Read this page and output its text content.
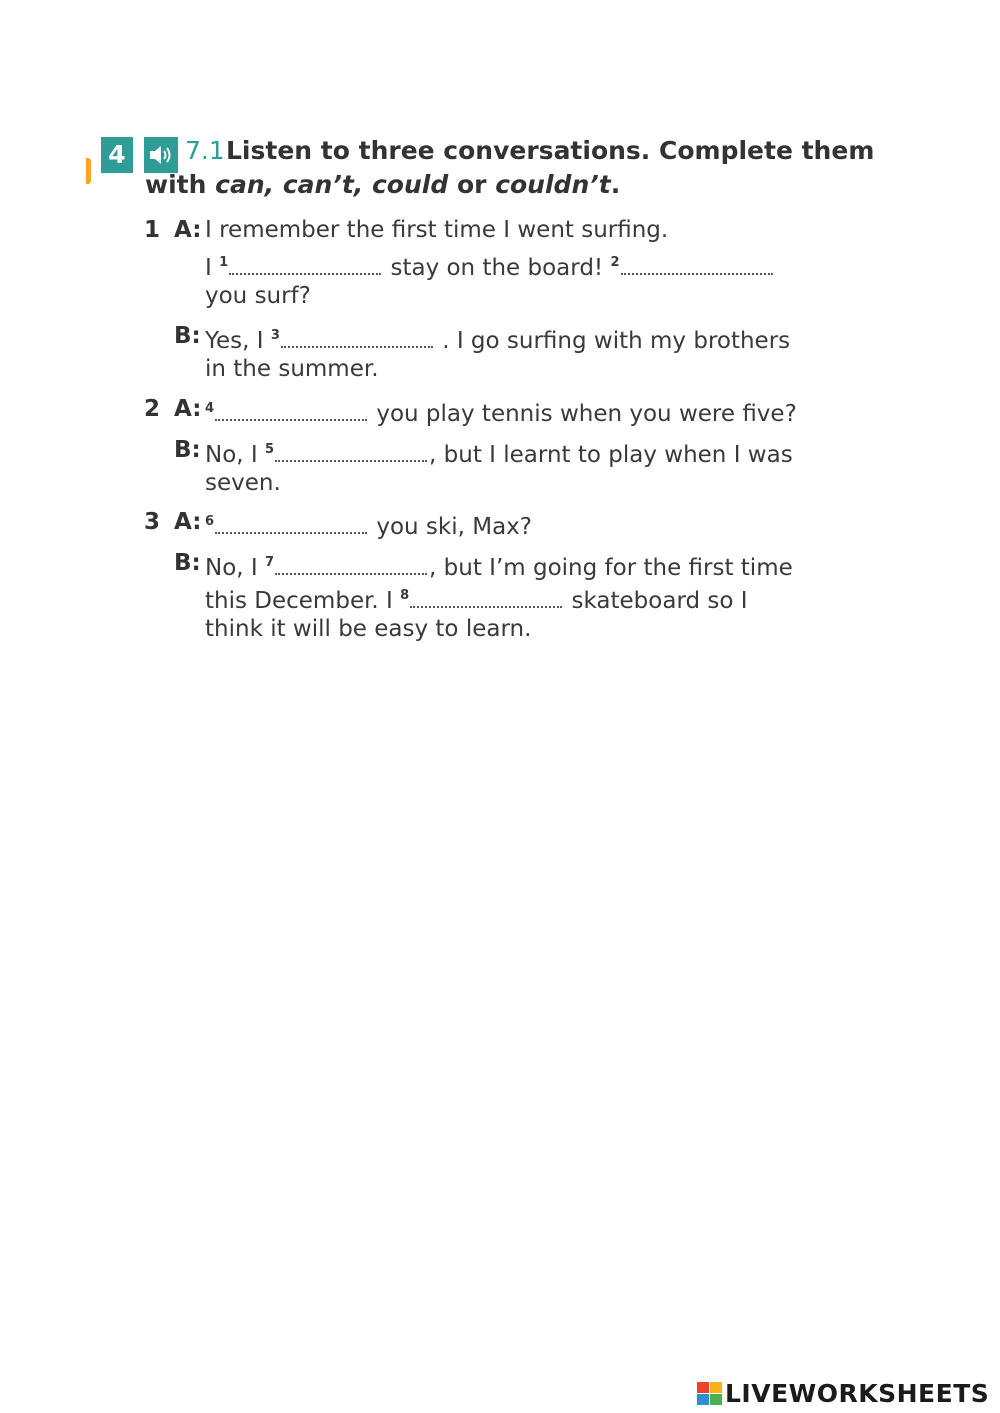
4 7.1 Listen to three conversations. Complete them
with can, can’t, could or couldn’t.
1 A: I remember the first time I went surfing.
I $^1$	stay on the board! $^2$
you surf?
B: Yes, I $^3$	. I go surfing with my brothers
in the summer.
2 A: $^4$	you play tennis when you were five?
B: No, I $^5$	, but I learnt to play when I was
seven.
3 A: $^6$	you ski, Max?
B: No, I $^7$	, but I’m going for the first time
this December. I $^8$	skateboard so I
think it will be easy to learn.
LIVEWORKSHEETS
